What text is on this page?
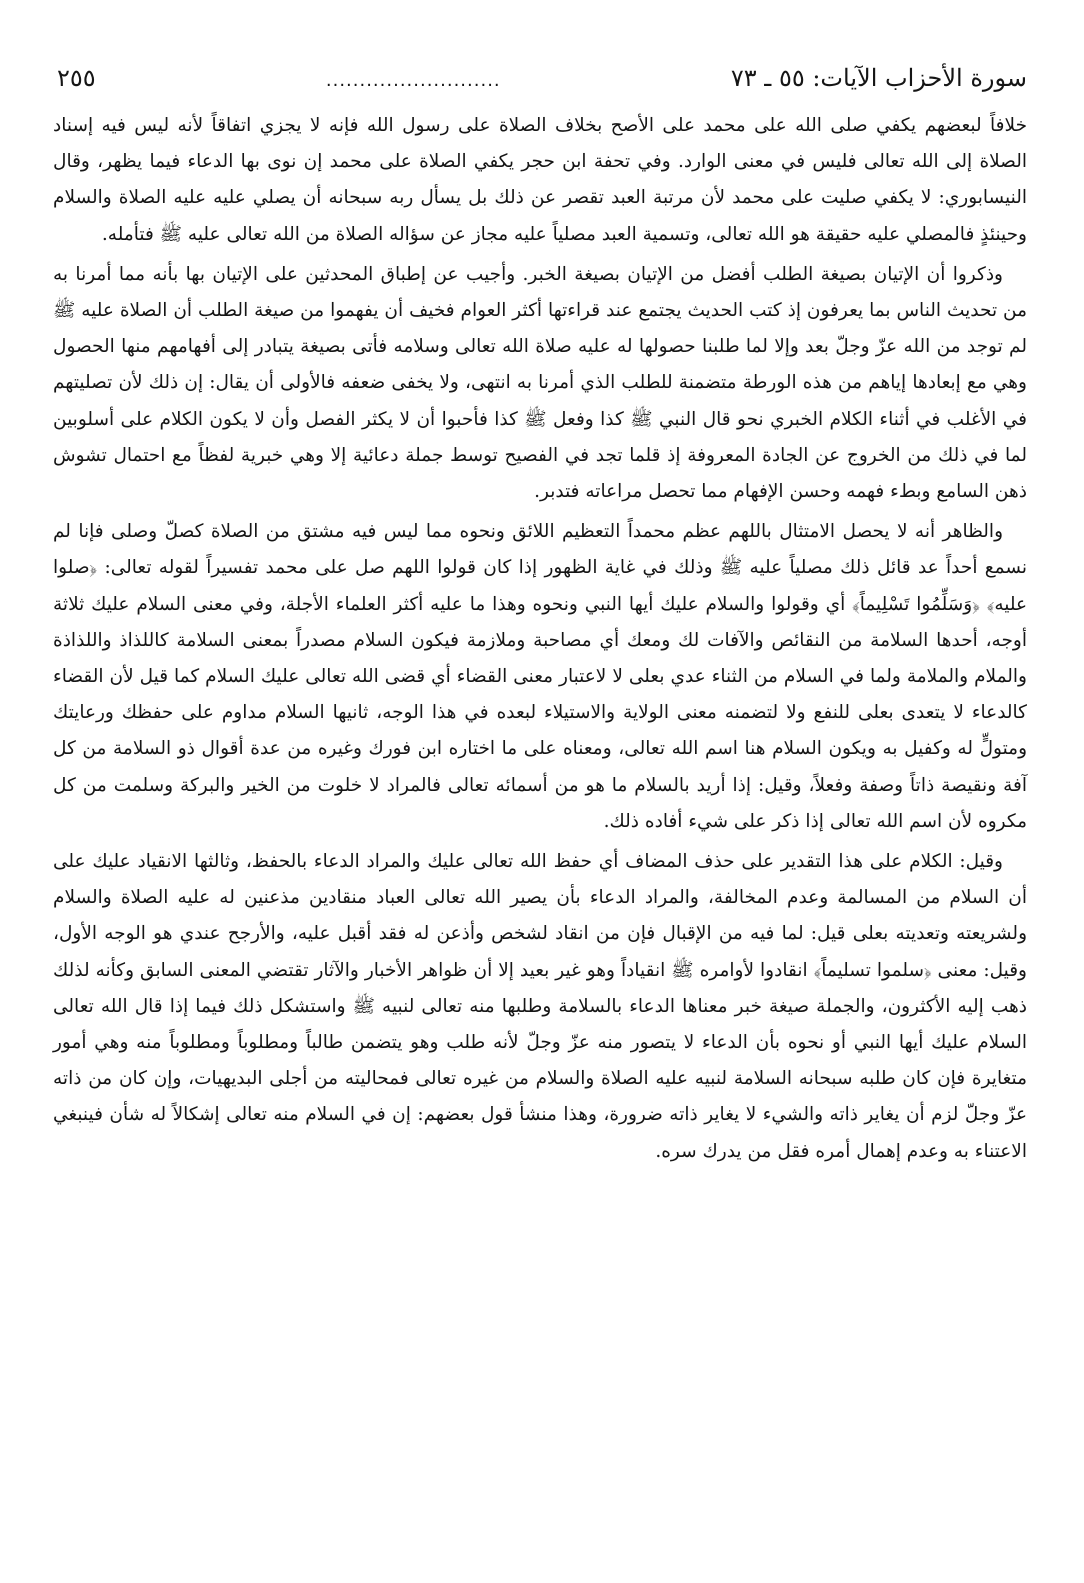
سورة الأحزاب الآيات: ٥٥ ـ ٧٣
..........................
٢٥٥

خلافاً لبعضهم يكفي صلى الله على محمد على الأصح بخلاف الصلاة على رسول الله فإنه لا يجزي اتفاقاً لأنه ليس فيه إسناد الصلاة إلى الله تعالى فليس في معنى الوارد. وفي تحفة ابن حجر يكفي الصلاة على محمد إن نوى بها الدعاء فيما يظهر، وقال النيسابوري: لا يكفي صليت على محمد لأن مرتبة العبد تقصر عن ذلك بل يسأل ربه سبحانه أن يصلي عليه عليه الصلاة والسلام وحينئذٍ فالمصلي عليه حقيقة هو الله تعالى، وتسمية العبد مصلياً عليه مجاز عن سؤاله الصلاة من الله تعالى عليه ﷺ فتأمله.

وذكروا أن الإتيان بصيغة الطلب أفضل من الإتيان بصيغة الخبر. وأجيب عن إطباق المحدثين على الإتيان بها بأنه مما أمرنا به من تحديث الناس بما يعرفون إذ كتب الحديث يجتمع عند قراءتها أكثر العوام فخيف أن يفهموا من صيغة الطلب أن الصلاة عليه ﷺ لم توجد من الله عزّ وجلّ بعد وإلا لما طلبنا حصولها له عليه صلاة الله تعالى وسلامه فأتى بصيغة يتبادر إلى أفهامهم منها الحصول وهي مع إبعادها إياهم من هذه الورطة متضمنة للطلب الذي أمرنا به انتهى، ولا يخفى ضعفه فالأولى أن يقال: إن ذلك لأن تصليتهم في الأغلب في أثناء الكلام الخبري نحو قال النبي ﷺ كذا وفعل ﷺ كذا فأحبوا أن لا يكثر الفصل وأن لا يكون الكلام على أسلوبين لما في ذلك من الخروج عن الجادة المعروفة إذ قلما تجد في الفصيح توسط جملة دعائية إلا وهي خبرية لفظاً مع احتمال تشوش ذهن السامع وبطء فهمه وحسن الإفهام مما تحصل مراعاته فتدبر.

والظاهر أنه لا يحصل الامتثال باللهم عظم محمداً التعظيم اللائق ونحوه مما ليس فيه مشتق من الصلاة كصلّ وصلى فإنا لم نسمع أحداً عد قائل ذلك مصلياً عليه ﷺ وذلك في غاية الظهور إذا كان قولوا اللهم صل على محمد تفسيراً لقوله تعالى: ﴿صلوا عليه﴾ ﴿وَسَلِّمُوا تَسْلِيماً﴾ أي وقولوا والسلام عليك أيها النبي ونحوه وهذا ما عليه أكثر العلماء الأجلة، وفي معنى السلام عليك ثلاثة أوجه، أحدها السلامة من النقائص والآفات لك ومعك أي مصاحبة وملازمة فيكون السلام مصدراً بمعنى السلامة كاللذاذ واللذاذة والملام والملامة ولما في السلام من الثناء عدي بعلى لا لاعتبار معنى القضاء أي قضى الله تعالى عليك السلام كما قيل لأن القضاء كالدعاء لا يتعدى بعلى للنفع ولا لتضمنه معنى الولاية والاستيلاء لبعده في هذا الوجه، ثانيها السلام مداوم على حفظك ورعايتك ومتولٍّ له وكفيل به ويكون السلام هنا اسم الله تعالى، ومعناه على ما اختاره ابن فورك وغيره من عدة أقوال ذو السلامة من كل آفة ونقيصة ذاتاً وصفة وفعلاً، وقيل: إذا أريد بالسلام ما هو من أسمائه تعالى فالمراد لا خلوت من الخير والبركة وسلمت من كل مكروه لأن اسم الله تعالى إذا ذكر على شيء أفاده ذلك.

وقيل: الكلام على هذا التقدير على حذف المضاف أي حفظ الله تعالى عليك والمراد الدعاء بالحفظ، وثالثها الانقياد عليك على أن السلام من المسالمة وعدم المخالفة، والمراد الدعاء بأن يصير الله تعالى العباد منقادين مذعنين له عليه الصلاة والسلام ولشريعته وتعديته بعلى قيل: لما فيه من الإقبال فإن من انقاد لشخص وأذعن له فقد أقبل عليه، والأرجح عندي هو الوجه الأول، وقيل: معنى ﴿سلموا تسليماً﴾ انقادوا لأوامره ﷺ انقياداً وهو غير بعيد إلا أن ظواهر الأخبار والآثار تقتضي المعنى السابق وكأنه لذلك ذهب إليه الأكثرون، والجملة صيغة خبر معناها الدعاء بالسلامة وطلبها منه تعالى لنبيه ﷺ واستشكل ذلك فيما إذا قال الله تعالى السلام عليك أيها النبي أو نحوه بأن الدعاء لا يتصور منه عزّ وجلّ لأنه طلب وهو يتضمن طالباً ومطلوباً ومطلوباً منه وهي أمور متغايرة فإن كان طلبه سبحانه السلامة لنبيه عليه الصلاة والسلام من غيره تعالى فمحاليته من أجلى البديهيات، وإن كان من ذاته عزّ وجلّ لزم أن يغاير ذاته والشيء لا يغاير ذاته ضرورة، وهذا منشأ قول بعضهم: إن في السلام منه تعالى إشكالاً له شأن فينبغي الاعتناء به وعدم إهمال أمره فقل من يدرك سره.
